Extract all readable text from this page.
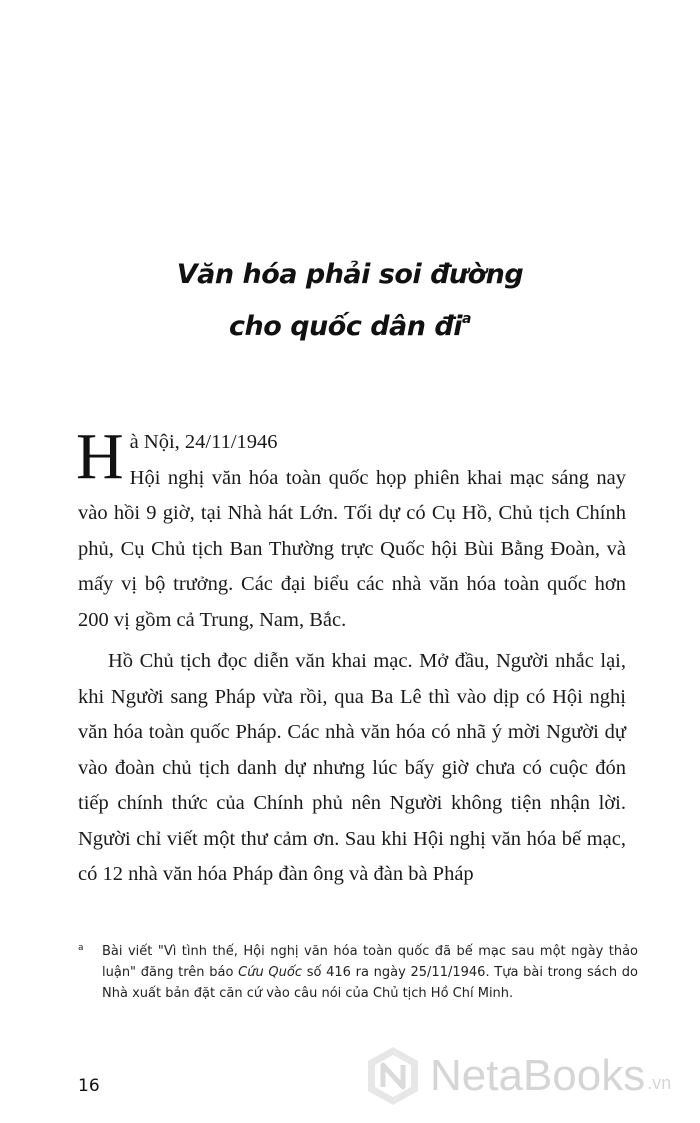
Văn hóa phải soi đường
cho quốc dân $đi^a$

H à Nội, 24/11/1946
Hội nghị văn hóa toàn quốc họp phiên khai mạc sáng nay vào hồi 9 giờ, tại Nhà hát Lớn. Tối dự có Cụ Hồ, Chủ tịch Chính phủ, Cụ Chủ tịch Ban Thường trực Quốc hội Bùi Bằng Đoàn, và mấy vị bộ trưởng. Các đại biểu các nhà văn hóa toàn quốc hơn 200 vị gồm cả Trung, Nam, Bắc.

Hồ Chủ tịch đọc diễn văn khai mạc. Mở đầu, Người nhắc lại, khi Người sang Pháp vừa rồi, qua Ba Lê thì vào dịp có Hội nghị văn hóa toàn quốc Pháp. Các nhà văn hóa có nhã ý mời Người dự vào đoàn chủ tịch danh dự nhưng lúc bấy giờ chưa có cuộc đón tiếp chính thức của Chính phủ nên Người không tiện nhận lời. Người chỉ viết một thư cảm ơn. Sau khi Hội nghị văn hóa bế mạc, có 12 nhà văn hóa Pháp đàn ông và đàn bà Pháp

a Bài viết "Vì tình thế, Hội nghị văn hóa toàn quốc đã bế mạc sau một ngày thảo luận" đăng trên báo Cứu Quốc số 416 ra ngày 25/11/1946. Tựa bài trong sách do Nhà xuất bản đặt căn cứ vào câu nói của Chủ tịch Hồ Chí Minh.
16	NetaBooks .vn
